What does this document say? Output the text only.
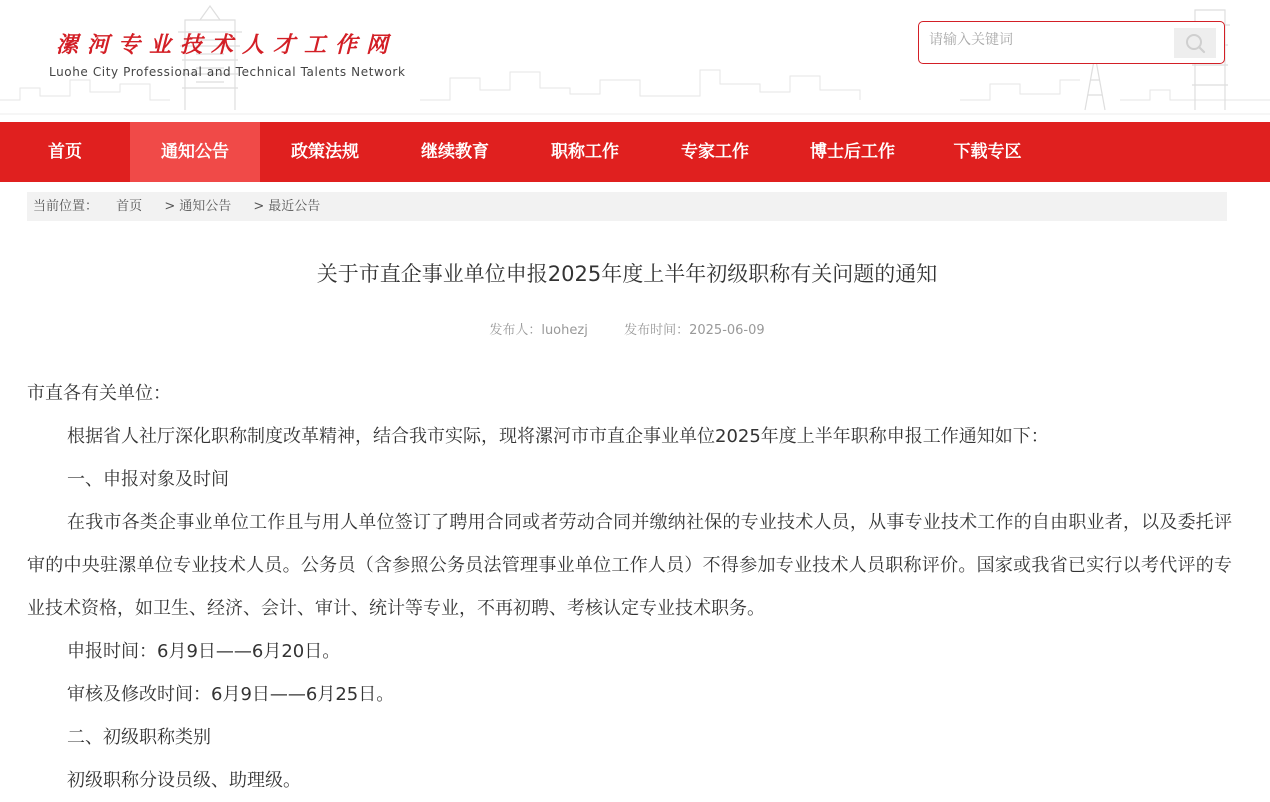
漯河专业技术人才工作网
Luohe City Professional and Technical Talents Network
请输入关键词
首页	通知公告	政策法规	继续教育	职称工作	专家工作	博士后工作	下载专区
当前位置： 首页 > 通知公告 > 最近公告
关于市直企事业单位申报2025年度上半年初级职称有关问题的通知
发布人：luohezj	发布时间：2025-06-09

市直各有关单位：

根据省人社厅深化职称制度改革精神，结合我市实际，现将漯河市市直企事业单位2025年度上半年职称申报工作通知如下：

一、申报对象及时间

在我市各类企事业单位工作且与用人单位签订了聘用合同或者劳动合同并缴纳社保的专业技术人员，从事专业技术工作的自由职业者，以及委托评审的中央驻漯单位专业技术人员。公务员（含参照公务员法管理事业单位工作人员）不得参加专业技术人员职称评价。国家或我省已实行以考代评的专业技术资格，如卫生、经济、会计、审计、统计等专业，不再初聘、考核认定专业技术职务。

申报时间：6月9日——6月20日。

审核及修改时间：6月9日——6月25日。

二、初级职称类别

初级职称分设员级、助理级。
